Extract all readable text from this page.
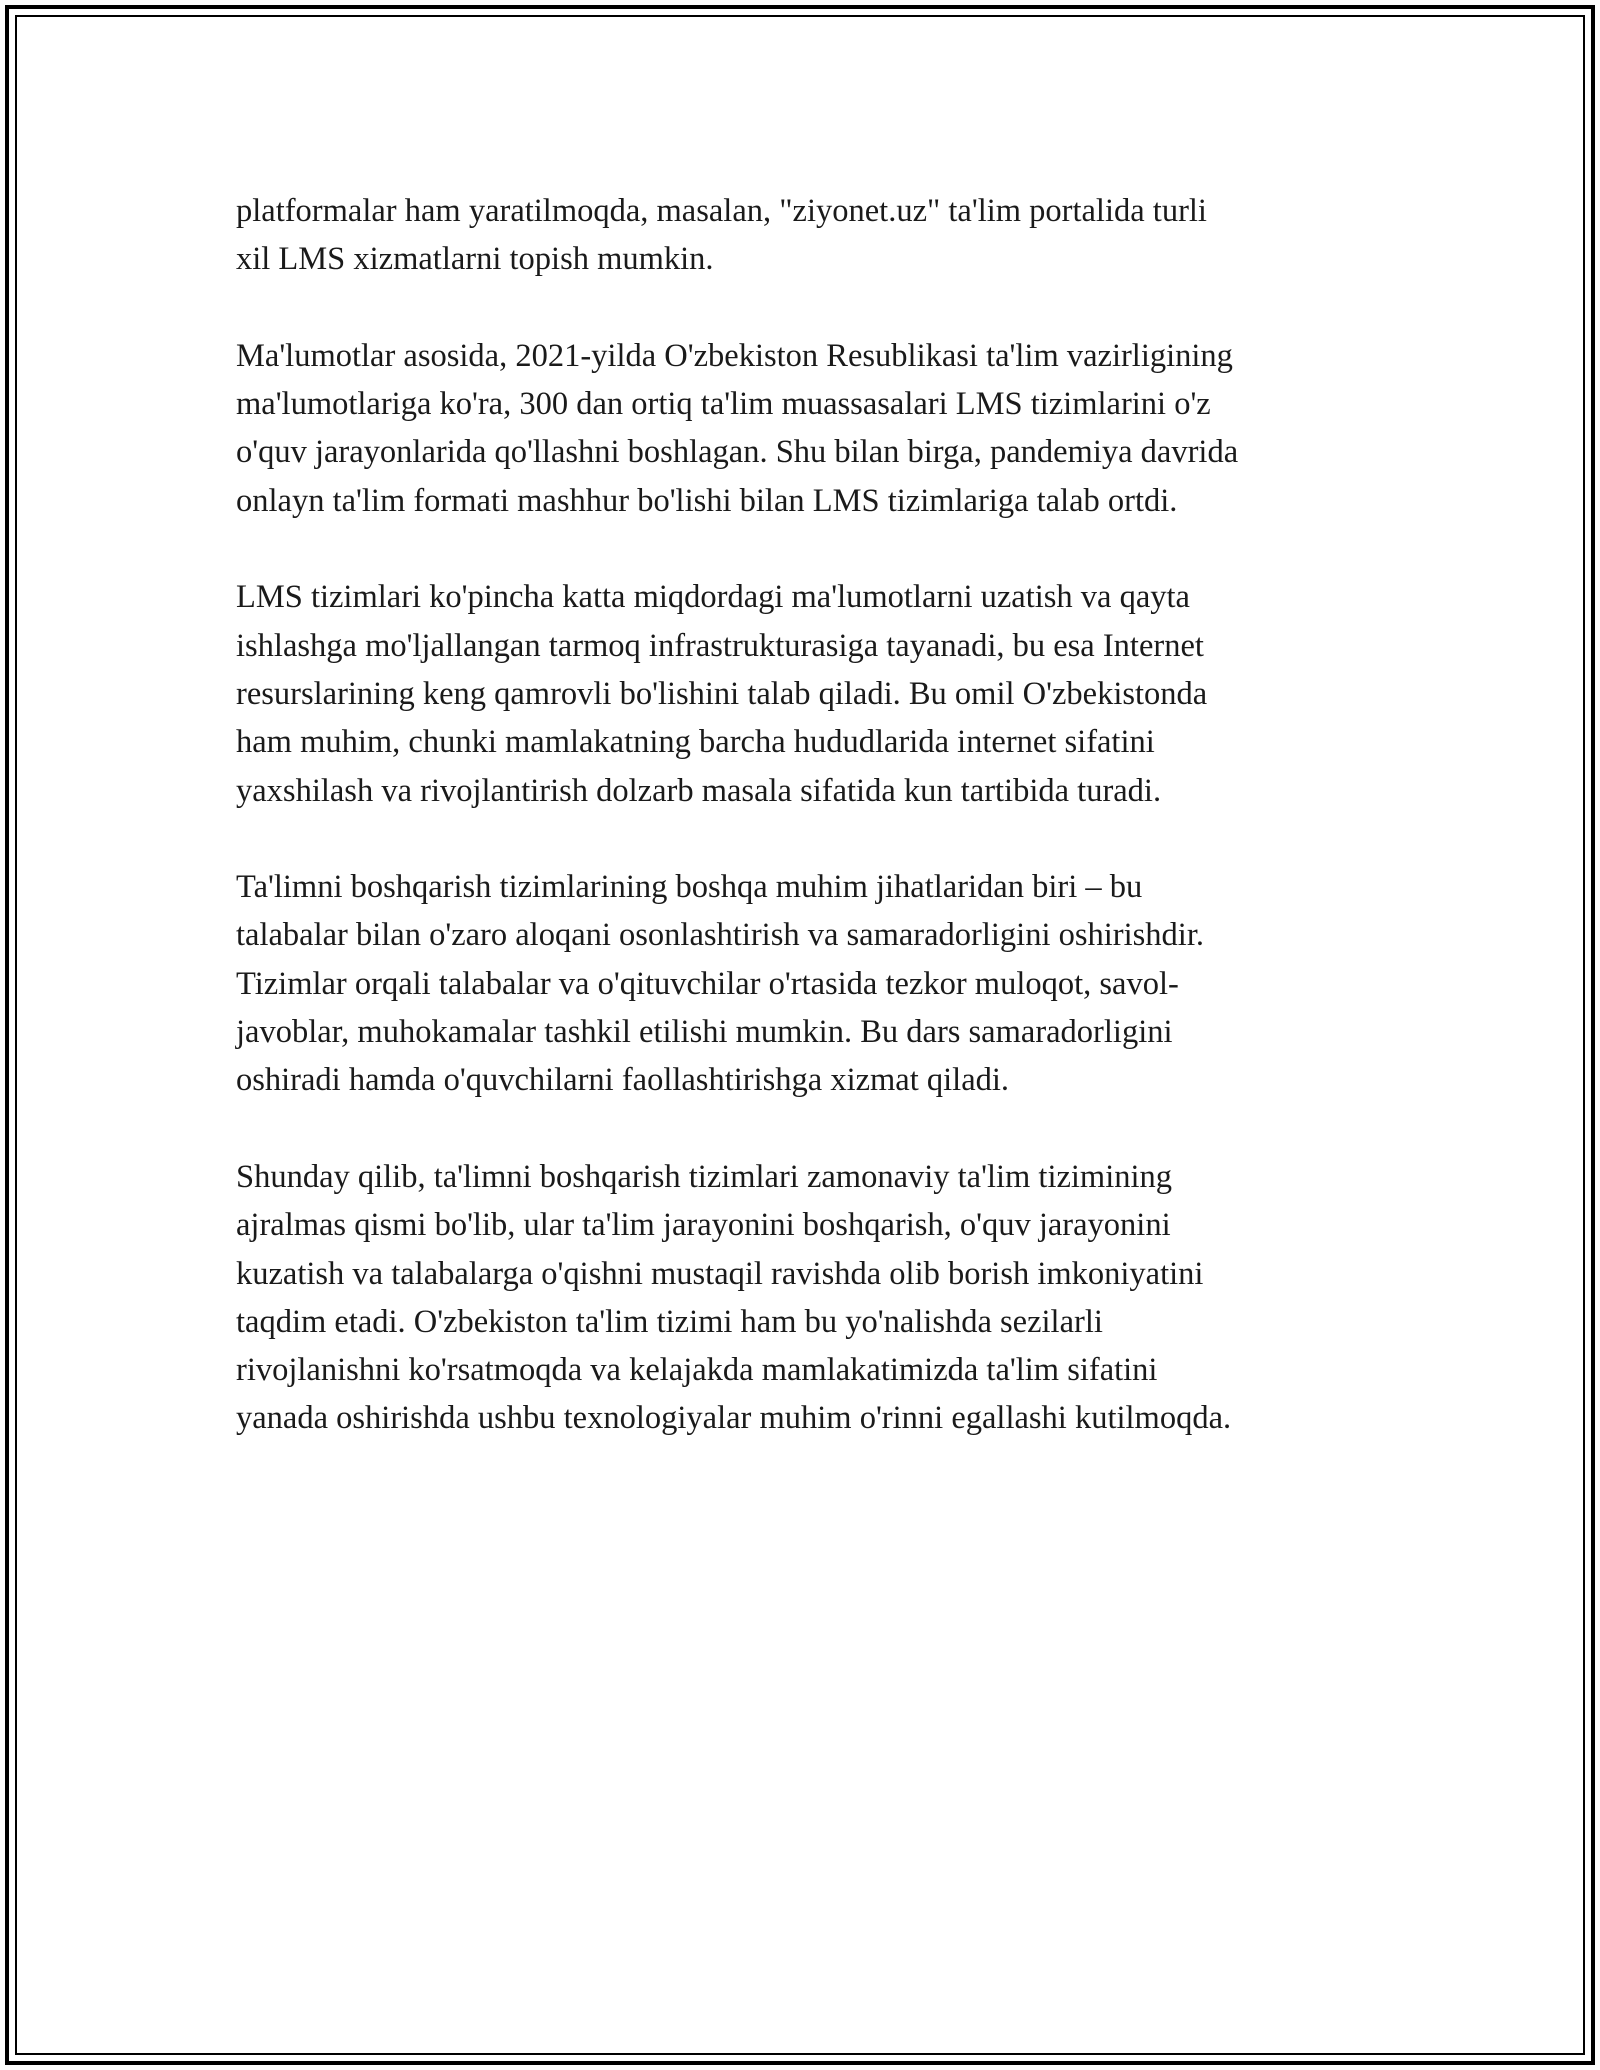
platformalar ham yaratilmoqda, masalan, "ziyonet.uz" ta'lim portalida turli
xil LMS xizmatlarni topish mumkin.

Ma'lumotlar asosida, 2021-yilda O'zbekiston Resublikasi ta'lim vazirligining
ma'lumotlariga ko'ra, 300 dan ortiq ta'lim muassasalari LMS tizimlarini o'z
o'quv jarayonlarida qo'llashni boshlagan. Shu bilan birga, pandemiya davrida
onlayn ta'lim formati mashhur bo'lishi bilan LMS tizimlariga talab ortdi.

LMS tizimlari ko'pincha katta miqdordagi ma'lumotlarni uzatish va qayta
ishlashga mo'ljallangan tarmoq infrastrukturasiga tayanadi, bu esa Internet
resurslarining keng qamrovli bo'lishini talab qiladi. Bu omil O'zbekistonda
ham muhim, chunki mamlakatning barcha hududlarida internet sifatini
yaxshilash va rivojlantirish dolzarb masala sifatida kun tartibida turadi.

Ta'limni boshqarish tizimlarining boshqa muhim jihatlaridan biri – bu
talabalar bilan o'zaro aloqani osonlashtirish va samaradorligini oshirishdir.
Tizimlar orqali talabalar va o'qituvchilar o'rtasida tezkor muloqot, savol-
javoblar, muhokamalar tashkil etilishi mumkin. Bu dars samaradorligini
oshiradi hamda o'quvchilarni faollashtirishga xizmat qiladi.

Shunday qilib, ta'limni boshqarish tizimlari zamonaviy ta'lim tizimining
ajralmas qismi bo'lib, ular ta'lim jarayonini boshqarish, o'quv jarayonini
kuzatish va talabalarga o'qishni mustaqil ravishda olib borish imkoniyatini
taqdim etadi. O'zbekiston ta'lim tizimi ham bu yo'nalishda sezilarli
rivojlanishni ko'rsatmoqda va kelajakda mamlakatimizda ta'lim sifatini
yanada oshirishda ushbu texnologiyalar muhim o'rinni egallashi kutilmoqda.
